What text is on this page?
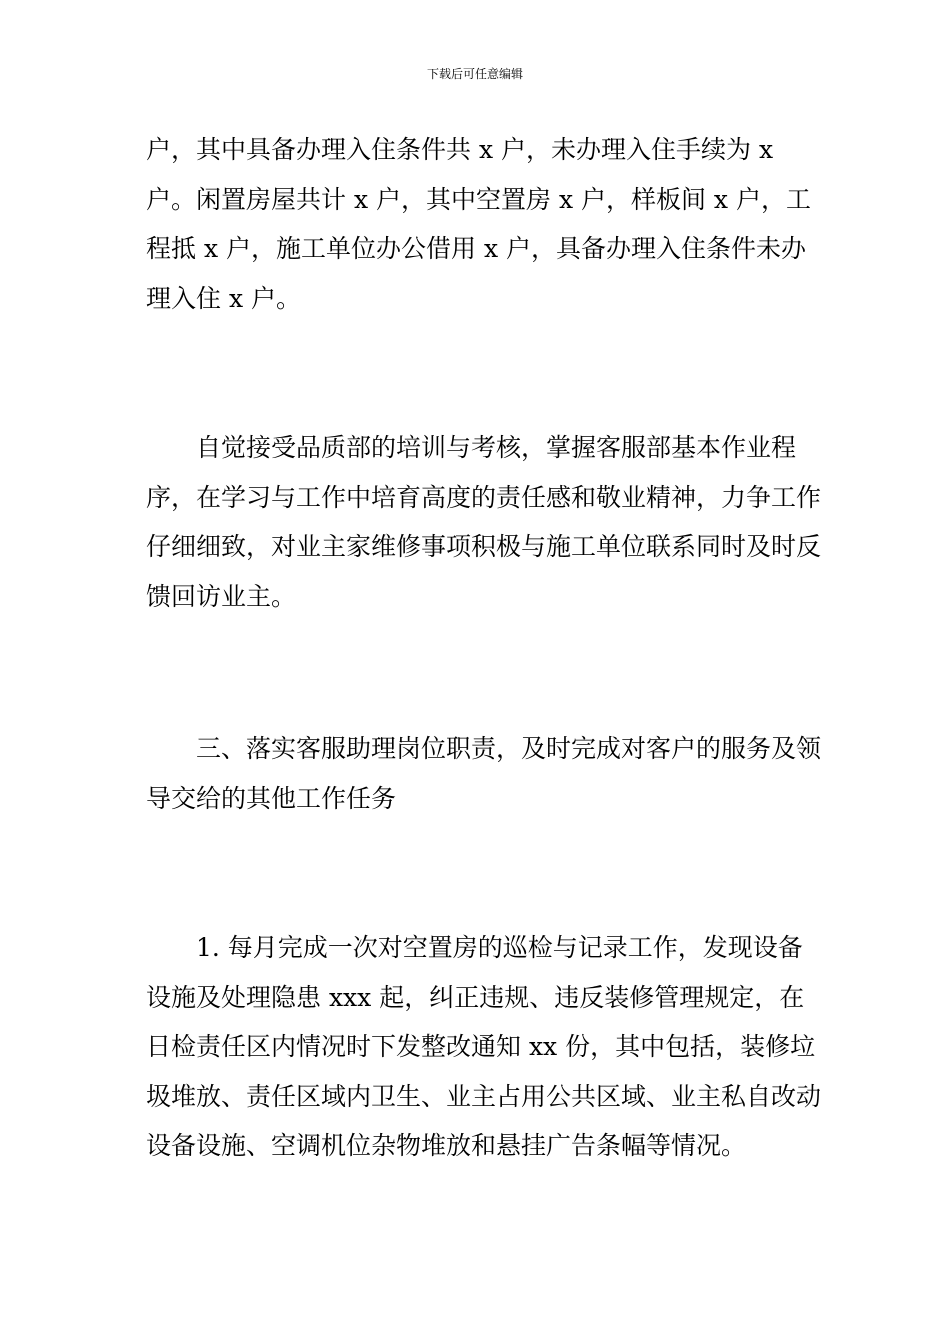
下载后可任意编辑

户，其中具备办理入住条件共 x 户，未办理入住手续为 x 户。闲置房屋共计 x 户，其中空置房 x 户，样板间 x 户，工程抵 x 户，施工单位办公借用 x 户，具备办理入住条件未办理入住 x 户。

自觉接受品质部的培训与考核，掌握客服部基本作业程序，在学习与工作中培育高度的责任感和敬业精神，力争工作仔细细致，对业主家维修事项积极与施工单位联系同时及时反馈回访业主。

三、落实客服助理岗位职责，及时完成对客户的服务及领导交给的其他工作任务

1. 每月完成一次对空置房的巡检与记录工作，发现设备设施及处理隐患 xxx 起，纠正违规、违反装修管理规定，在日检责任区内情况时下发整改通知 xx 份，其中包括，装修垃圾堆放、责任区域内卫生、业主占用公共区域、业主私自改动设备设施、空调机位杂物堆放和悬挂广告条幅等情况。
